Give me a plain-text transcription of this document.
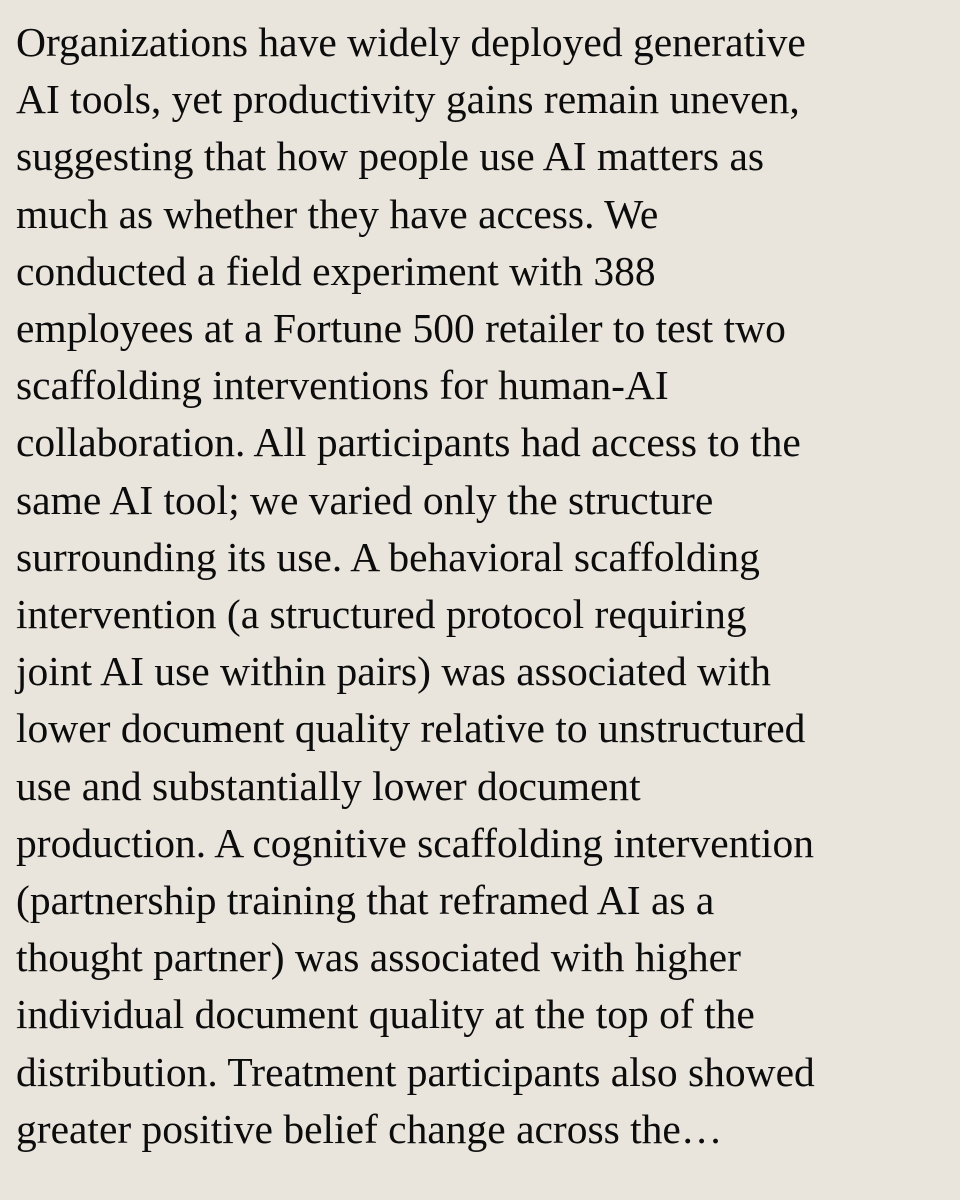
Organizations have widely deployed generative
AI tools, yet productivity gains remain uneven,
suggesting that how people use AI matters as
much as whether they have access. We
conducted a field experiment with 388
employees at a Fortune 500 retailer to test two
scaffolding interventions for human-AI
collaboration. All participants had access to the
same AI tool; we varied only the structure
surrounding its use. A behavioral scaffolding
intervention (a structured protocol requiring
joint AI use within pairs) was associated with
lower document quality relative to unstructured
use and substantially lower document
production. A cognitive scaffolding intervention
(partnership training that reframed AI as a
thought partner) was associated with higher
individual document quality at the top of the
distribution. Treatment participants also showed
greater positive belief change across the…
